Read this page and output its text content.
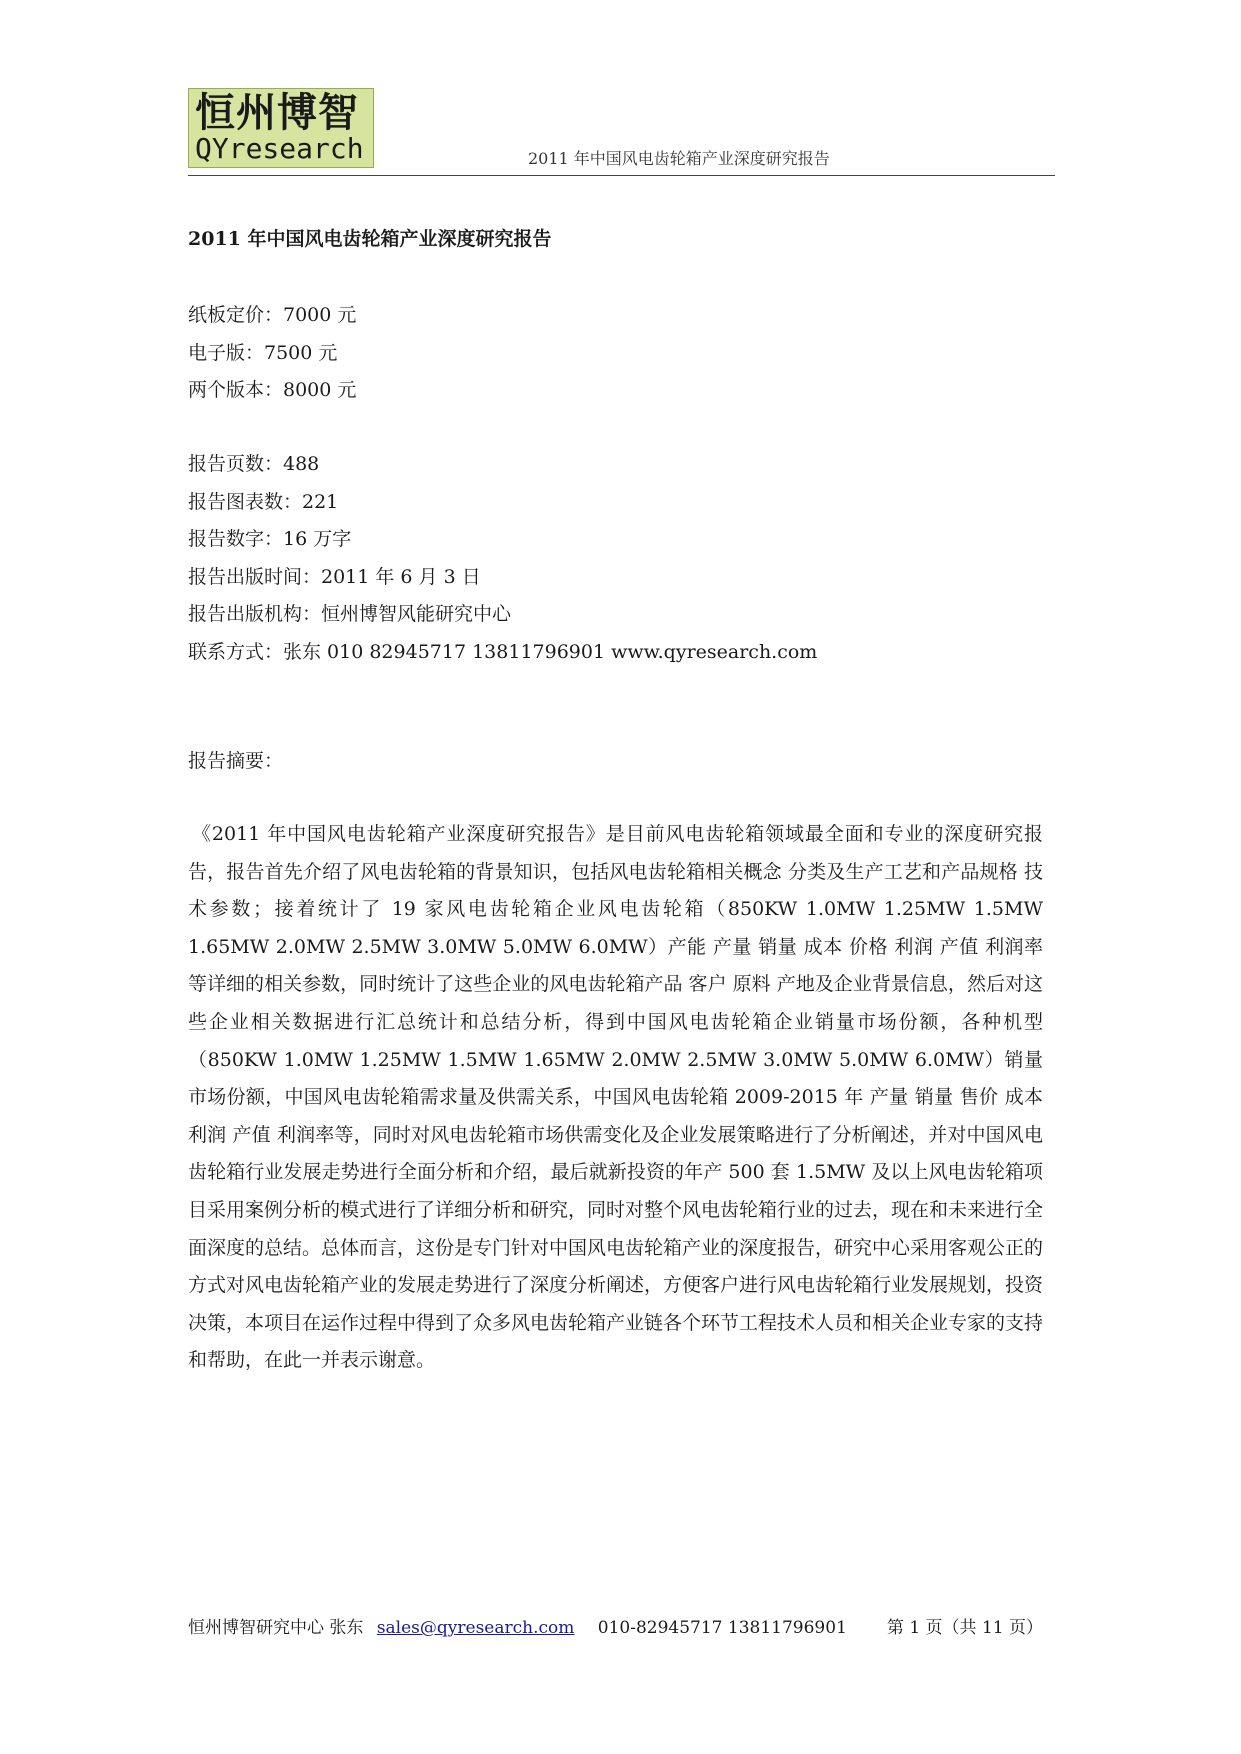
恒州博智
QYresearch	2011 年中国风电齿轮箱产业深度研究报告
2011 年中国风电齿轮箱产业深度研究报告
纸板定价：7000 元
电子版：7500 元
两个版本：8000 元
报告页数：488
报告图表数：221
报告数字：16 万字
报告出版时间：2011 年 6 月 3 日
报告出版机构：恒州博智风能研究中心
联系方式：张东 010 82945717 13811796901 www.qyresearch.com
报告摘要：

《2011 年中国风电齿轮箱产业深度研究报告》是目前风电齿轮箱领域最全面和专业的深度研究报告，报告首先介绍了风电齿轮箱的背景知识，包括风电齿轮箱相关概念 分类及生产工艺和产品规格 技术参数；接着统计了 19 家风电齿轮箱企业风电齿轮箱（850KW 1.0MW 1.25MW 1.5MW 1.65MW 2.0MW 2.5MW 3.0MW 5.0MW 6.0MW）产能 产量 销量 成本 价格 利润 产值 利润率等详细的相关参数，同时统计了这些企业的风电齿轮箱产品 客户 原料 产地及企业背景信息，然后对这些企业相关数据进行汇总统计和总结分析，得到中国风电齿轮箱企业销量市场份额，各种机型（850KW 1.0MW 1.25MW 1.5MW 1.65MW 2.0MW 2.5MW 3.0MW 5.0MW 6.0MW）销量市场份额，中国风电齿轮箱需求量及供需关系，中国风电齿轮箱 2009-2015 年 产量 销量 售价 成本 利润 产值 利润率等，同时对风电齿轮箱市场供需变化及企业发展策略进行了分析阐述，并对中国风电齿轮箱行业发展走势进行全面分析和介绍，最后就新投资的年产 500 套 1.5MW 及以上风电齿轮箱项目采用案例分析的模式进行了详细分析和研究，同时对整个风电齿轮箱行业的过去，现在和未来进行全面深度的总结。总体而言，这份是专门针对中国风电齿轮箱产业的深度报告，研究中心采用客观公正的方式对风电齿轮箱产业的发展走势进行了深度分析阐述，方便客户进行风电齿轮箱行业发展规划，投资决策，本项目在运作过程中得到了众多风电齿轮箱产业链各个环节工程技术人员和相关企业专家的支持和帮助，在此一并表示谢意。

恒州博智研究中心 张东 sales@qyresearch.com 010-82945717 13811796901 第 1 页（共 11 页）
